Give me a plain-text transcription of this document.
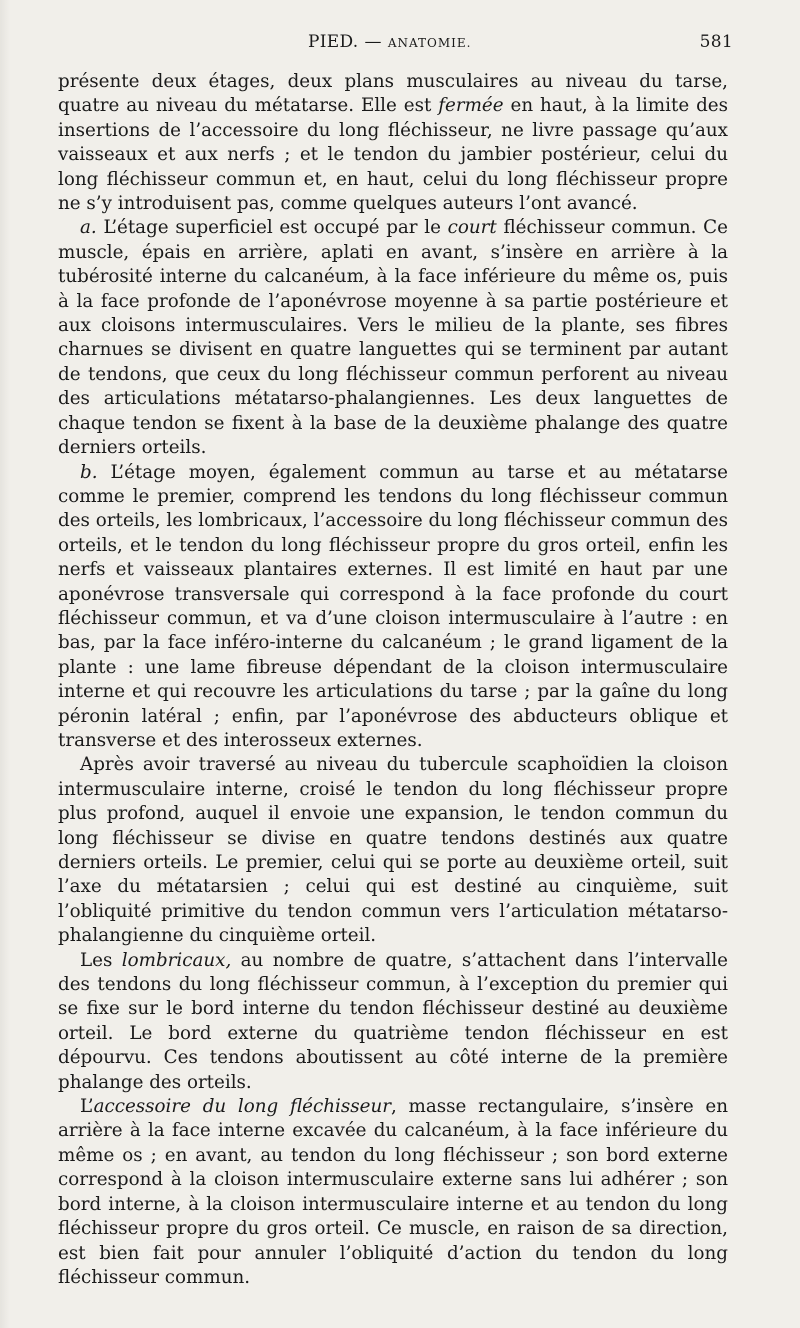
PIED. — ANATOMIE.	581

présente deux étages, deux plans musculaires au niveau du tarse, quatre au niveau du métatarse. Elle est fermée en haut, à la limite des insertions de l’accessoire du long fléchisseur, ne livre passage qu’aux vaisseaux et aux nerfs ; et le tendon du jambier postérieur, celui du long fléchisseur commun et, en haut, celui du long fléchisseur propre ne s’y introduisent pas, comme quelques auteurs l’ont avancé.

a. L’étage superficiel est occupé par le court fléchisseur commun. Ce muscle, épais en arrière, aplati en avant, s’insère en arrière à la tubérosité interne du calcanéum, à la face inférieure du même os, puis à la face profonde de l’aponévrose moyenne à sa partie postérieure et aux cloisons intermusculaires. Vers le milieu de la plante, ses fibres charnues se divisent en quatre languettes qui se terminent par autant de tendons, que ceux du long fléchisseur commun perforent au niveau des articulations métatarso-phalangiennes. Les deux languettes de chaque tendon se fixent à la base de la deuxième phalange des quatre derniers orteils.

b. L’étage moyen, également commun au tarse et au métatarse comme le premier, comprend les tendons du long fléchisseur commun des orteils, les lombricaux, l’accessoire du long fléchisseur commun des orteils, et le tendon du long fléchisseur propre du gros orteil, enfin les nerfs et vaisseaux plantaires externes. Il est limité en haut par une aponévrose transversale qui correspond à la face profonde du court fléchisseur commun, et va d’une cloison intermusculaire à l’autre : en bas, par la face inféro-interne du calcanéum ; le grand ligament de la plante : une lame fibreuse dépendant de la cloison intermusculaire interne et qui recouvre les articulations du tarse ; par la gaîne du long péronin latéral ; enfin, par l’aponévrose des abducteurs oblique et transverse et des interosseux externes.

Après avoir traversé au niveau du tubercule scaphoïdien la cloison intermusculaire interne, croisé le tendon du long fléchisseur propre plus profond, auquel il envoie une expansion, le tendon commun du long fléchisseur se divise en quatre tendons destinés aux quatre derniers orteils. Le premier, celui qui se porte au deuxième orteil, suit l’axe du métatarsien ; celui qui est destiné au cinquième, suit l’obliquité primitive du tendon commun vers l’articulation métatarso-phalangienne du cinquième orteil.

Les lombricaux, au nombre de quatre, s’attachent dans l’intervalle des tendons du long fléchisseur commun, à l’exception du premier qui se fixe sur le bord interne du tendon fléchisseur destiné au deuxième orteil. Le bord externe du quatrième tendon fléchisseur en est dépourvu. Ces tendons aboutissent au côté interne de la première phalange des orteils.

L’accessoire du long fléchisseur, masse rectangulaire, s’insère en arrière à la face interne excavée du calcanéum, à la face inférieure du même os ; en avant, au tendon du long fléchisseur ; son bord externe correspond à la cloison intermusculaire externe sans lui adhérer ; son bord interne, à la cloison intermusculaire interne et au tendon du long fléchisseur propre du gros orteil. Ce muscle, en raison de sa direction, est bien fait pour annuler l’obliquité d’action du tendon du long fléchisseur commun.
